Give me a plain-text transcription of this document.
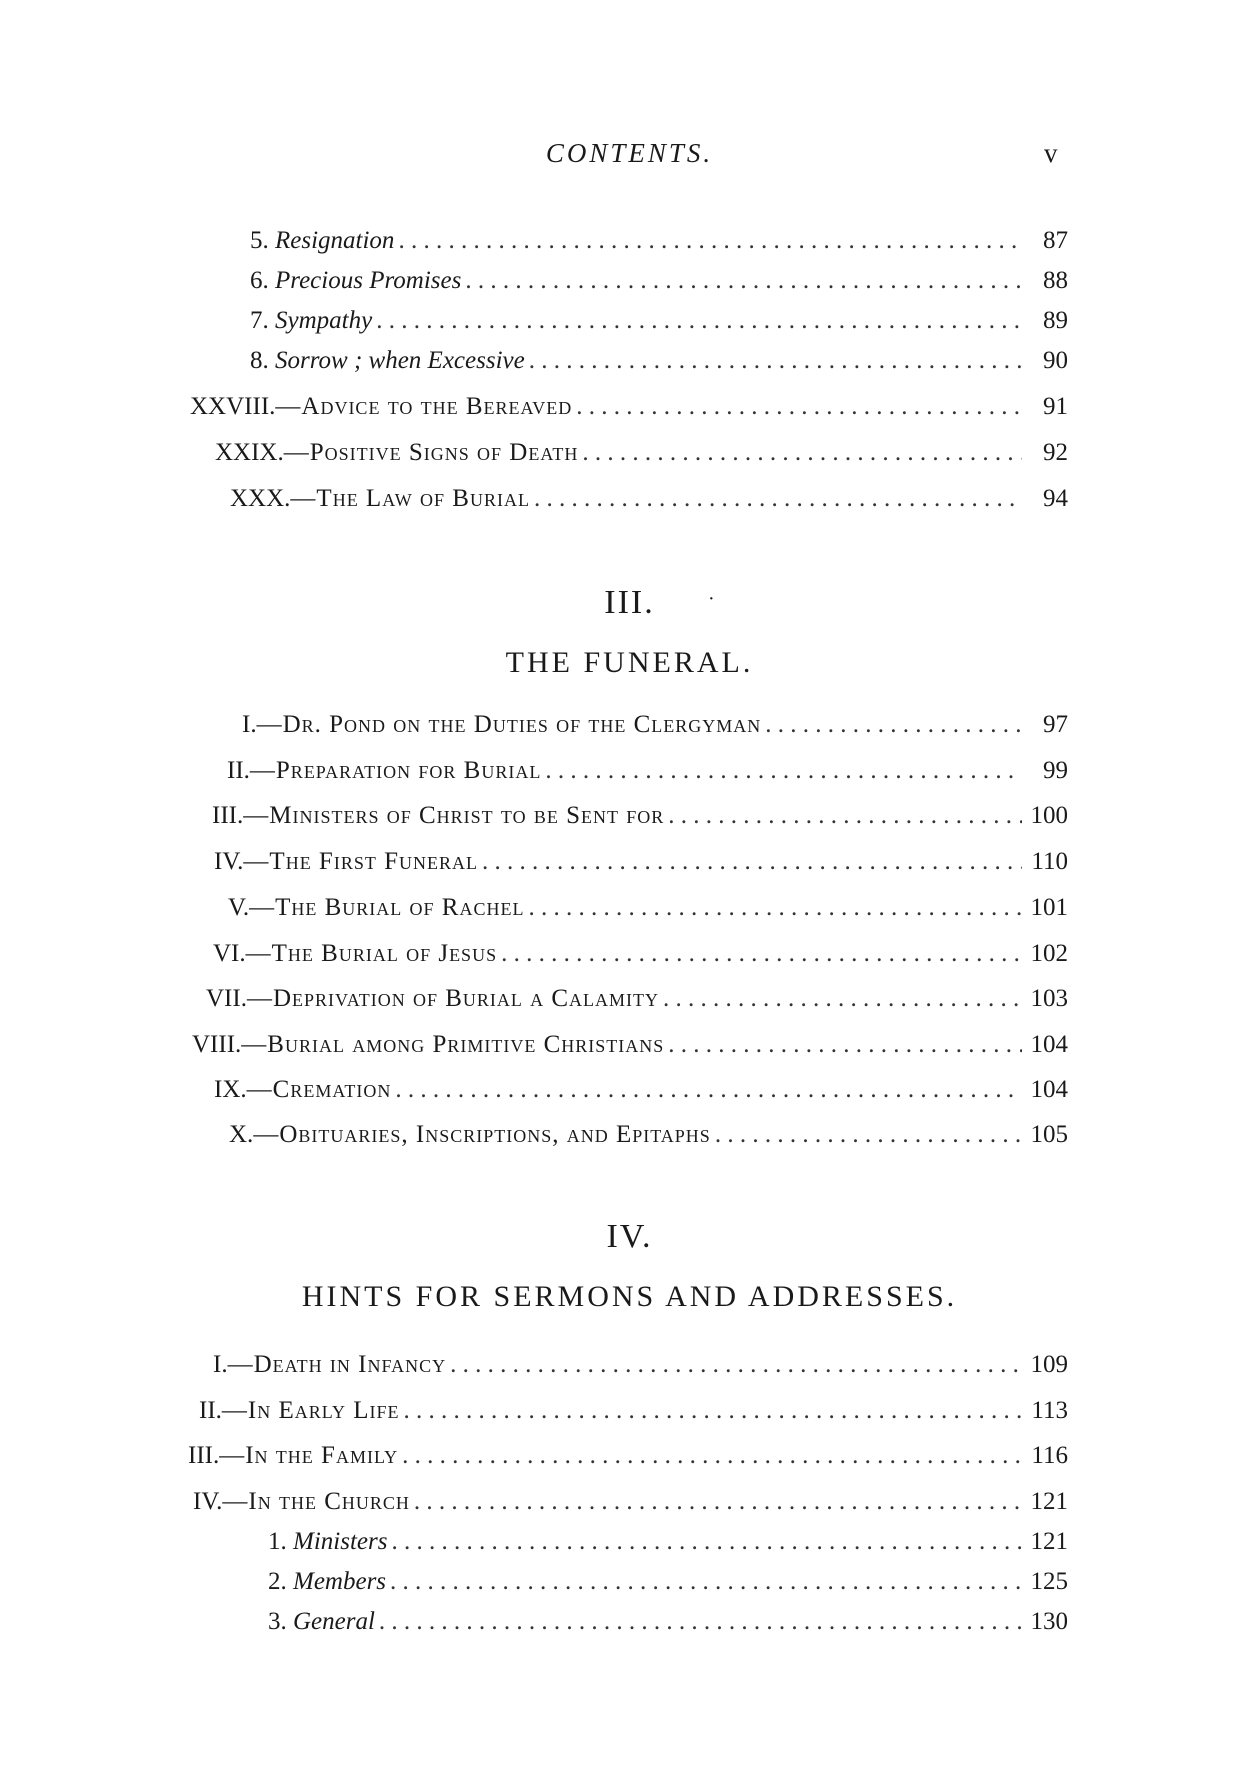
CONTENTS.	v
5. Resignation . . .	87
6. Precious Promises . . .	88
7. Sympathy . . .	89
8. Sorrow ; when Excessive . . .	90
XXVIII.—Advice to the Bereaved . . .	91
XXIX.—Positive Signs of Death . . .	92
XXX.—The Law of Burial . . .	94
III.	·
THE FUNERAL.
I.—Dr. Pond on the Duties of the Clergyman . . .	97
II.—Preparation for Burial . . .	99
III.—Ministers of Christ to be Sent for . . .	100
IV.—The First Funeral . . .	110
V.—The Burial of Rachel . . .	101
VI.—The Burial of Jesus . . .	102
VII.—Deprivation of Burial a Calamity . . .	103
VIII.—Burial among Primitive Christians . . .	104
IX.—Cremation . . .	104
X.—Obituaries, Inscriptions, and Epitaphs . . .	105
IV.
HINTS FOR SERMONS AND ADDRESSES.
I.—Death in Infancy . . .	109
II.—In Early Life . . .	113
III.—In the Family . . .	116
IV.—In the Church . . .	121
1. Ministers . . .	121
2. Members . . .	125
3. General . . .	130
